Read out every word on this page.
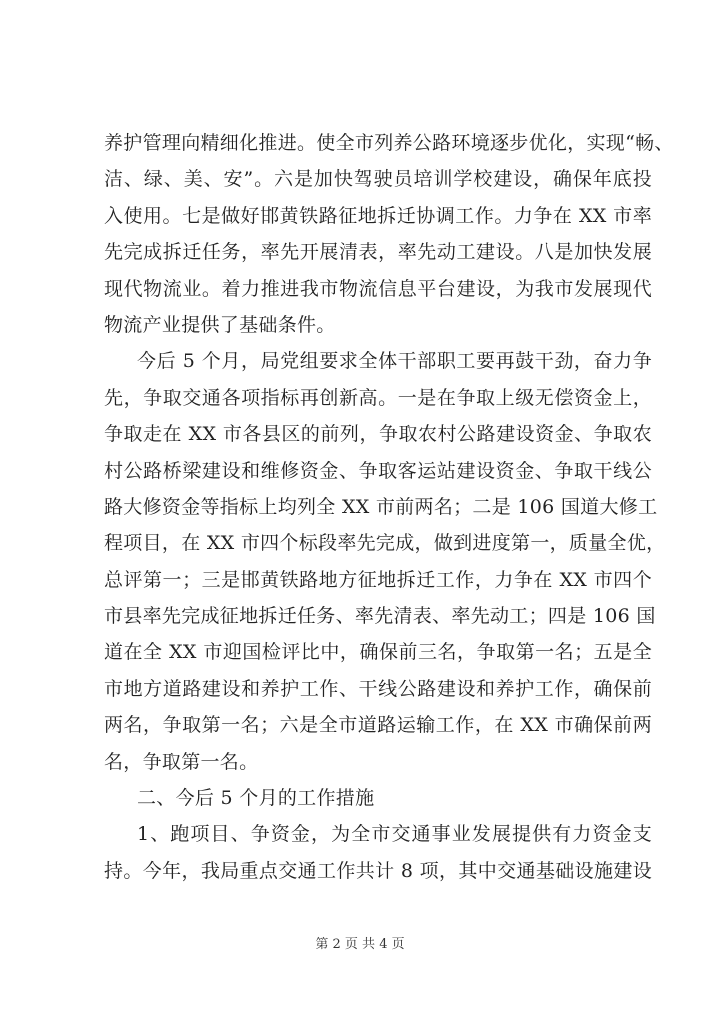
养护管理向精细化推进。使全市列养公路环境逐步优化，实现“畅、
洁、绿、美、安”。六是加快驾驶员培训学校建设，确保年底投
入使用。七是做好邯黄铁路征地拆迁协调工作。力争在 XX 市率
先完成拆迁任务，率先开展清表，率先动工建设。八是加快发展
现代物流业。着力推进我市物流信息平台建设，为我市发展现代
物流产业提供了基础条件。
今后 5 个月，局党组要求全体干部职工要再鼓干劲，奋力争
先，争取交通各项指标再创新高。一是在争取上级无偿资金上，
争取走在 XX 市各县区的前列，争取农村公路建设资金、争取农
村公路桥梁建设和维修资金、争取客运站建设资金、争取干线公
路大修资金等指标上均列全 XX 市前两名；二是 106 国道大修工
程项目，在 XX 市四个标段率先完成，做到进度第一，质量全优，
总评第一；三是邯黄铁路地方征地拆迁工作，力争在 XX 市四个
市县率先完成征地拆迁任务、率先清表、率先动工；四是 106 国
道在全 XX 市迎国检评比中，确保前三名，争取第一名；五是全
市地方道路建设和养护工作、干线公路建设和养护工作，确保前
两名，争取第一名；六是全市道路运输工作，在 XX 市确保前两
名，争取第一名。
二、今后 5 个月的工作措施
1、跑项目、争资金，为全市交通事业发展提供有力资金支
持。今年，我局重点交通工作共计 8 项，其中交通基础设施建设
第 2 页 共 4 页
